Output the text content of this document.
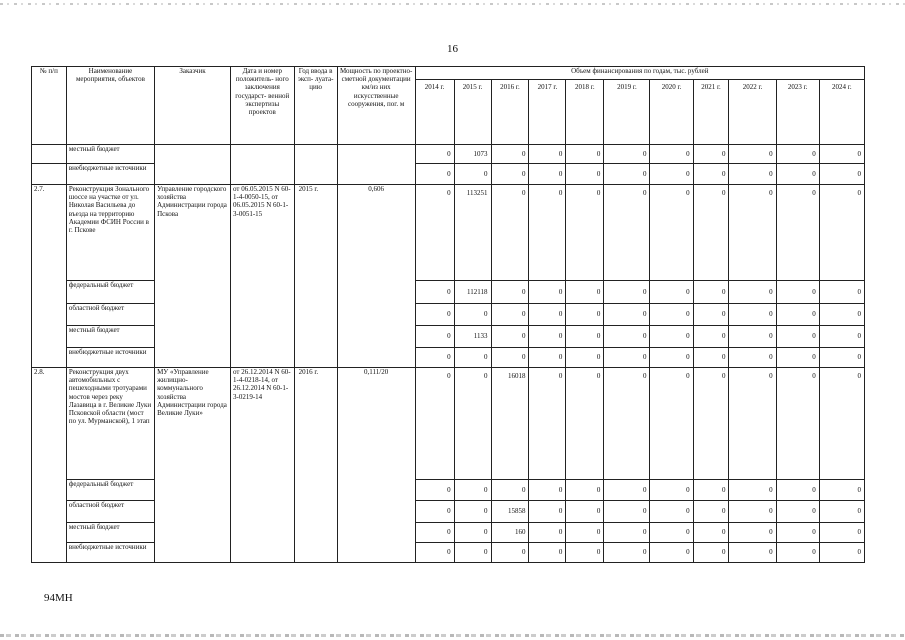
16
№ п/п	Наименование мероприятия, объектов	Заказчик	Дата и номер положитель- ного заключения государст- венной экспертизы проектов	Год ввода в эксп- луата- цию	Мощность по проектно- сметной документации км/из них искусственные сооружения, пог. м	Объем финансирования по годам, тыс. рублей										
						2014 г.	2015 г.	2016 г.	2017 г.	2018 г.	2019 г.	2020 г.	2021 г.	2022 г.	2023 г.	2024 г.
	местный бюджет					0	1073	0	0	0	0	0	0	0	0	0
	внебюджетные источники					0	0	0	0	0	0	0	0	0	0	0
2.7.	Реконструкция Зонального шоссе на участке от ул. Николая Васильева до въезда на территорию Академии ФСИН России в г. Пскове	Управление городского хозяйства Администрации города Пскова	от 06.05.2015 N 60-1-4-0050-15, от 06.05.2015 N 60-1-3-0051-15	2015 г.	0,606	0	113251	0	0	0	0	0	0	0	0	0
	федеральный бюджет					0	112118	0	0	0	0	0	0	0	0	0
	областной бюджет					0	0	0	0	0	0	0	0	0	0	0
	местный бюджет					0	1133	0	0	0	0	0	0	0	0	0
	внебюджетные источники					0	0	0	0	0	0	0	0	0	0	0
2.8.	Реконструкция двух автомобильных с пешеходными тротуарами мостов через реку Лазавица в г. Великие Луки Псковской области (мост по ул. Мурманской), 1 этап	МУ «Управление жилищно- коммунального хозяйства Администрации города Великие Луки»	от 26.12.2014 N 60-1-4-0218-14, от 26.12.2014 N 60-1-3-0219-14	2016 г.	0,111/20	0	0	16018	0	0	0	0	0	0	0	0
	федеральный бюджет					0	0	0	0	0	0	0	0	0	0	0
	областной бюджет					0	0	15858	0	0	0	0	0	0	0	0
	местный бюджет					0	0	160	0	0	0	0	0	0	0	0
	внебюджетные источники					0	0	0	0	0	0	0	0	0	0	0
94МН
